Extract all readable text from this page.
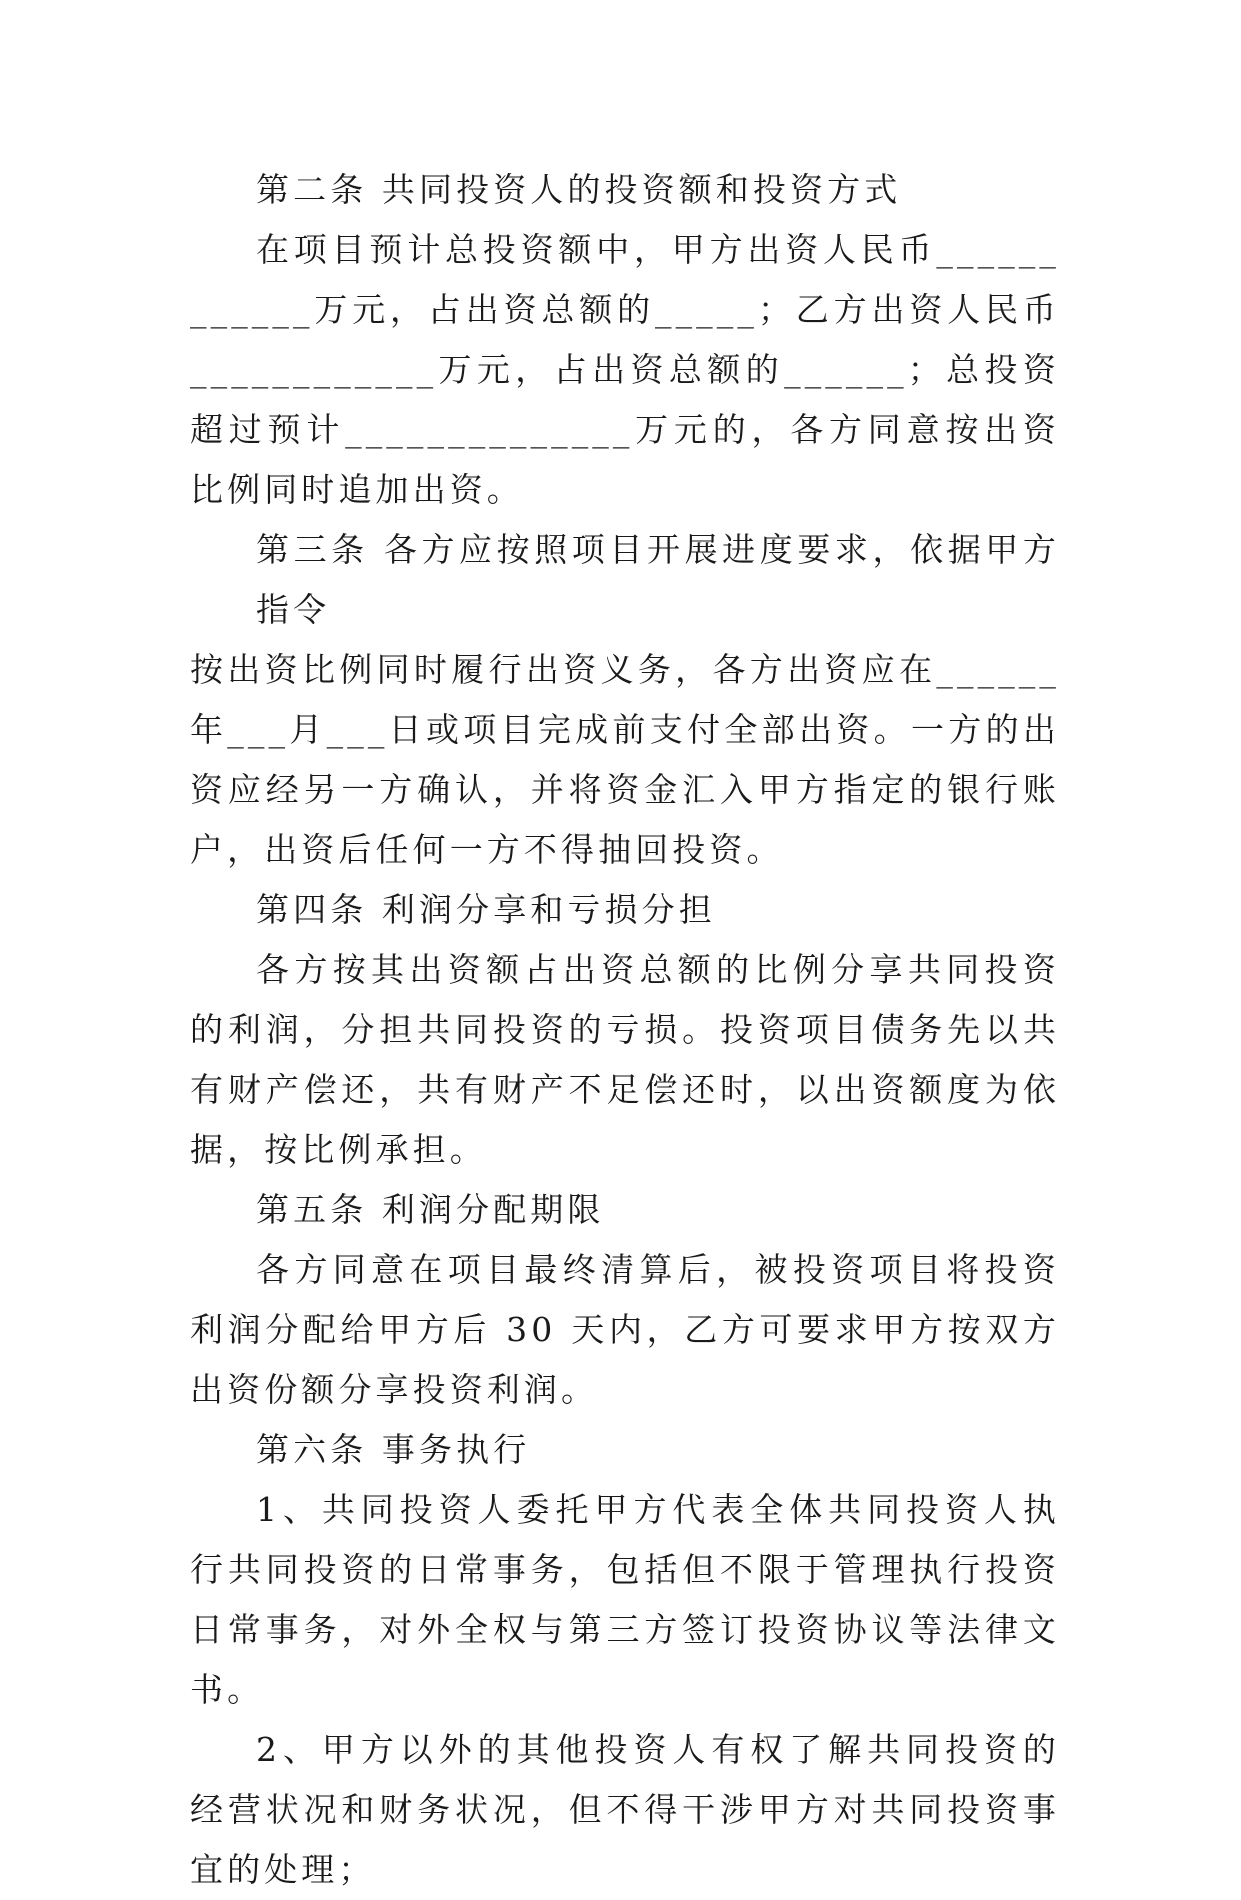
第二条 共同投资人的投资额和投资方式

在项目预计总投资额中，甲方出资人民币____________万元，占出资总额的_____；乙方出资人民币____________万元，占出资总额的______；总投资超过预计______________万元的，各方同意按出资比例同时追加出资。

第三条 各方应按照项目开展进度要求，依据甲方指令

按出资比例同时履行出资义务，各方出资应在______年___月___日或项目完成前支付全部出资。一方的出资应经另一方确认，并将资金汇入甲方指定的银行账户，出资后任何一方不得抽回投资。

第四条 利润分享和亏损分担

各方按其出资额占出资总额的比例分享共同投资的利润，分担共同投资的亏损。投资项目债务先以共有财产偿还，共有财产不足偿还时，以出资额度为依据，按比例承担。

第五条 利润分配期限

各方同意在项目最终清算后，被投资项目将投资利润分配给甲方后 30 天内，乙方可要求甲方按双方出资份额分享投资利润。

第六条 事务执行

1、共同投资人委托甲方代表全体共同投资人执行共同投资的日常事务，包括但不限于管理执行投资日常事务，对外全权与第三方签订投资协议等法律文书。

2、甲方以外的其他投资人有权了解共同投资的经营状况和财务状况，但不得干涉甲方对共同投资事宜的处理；
